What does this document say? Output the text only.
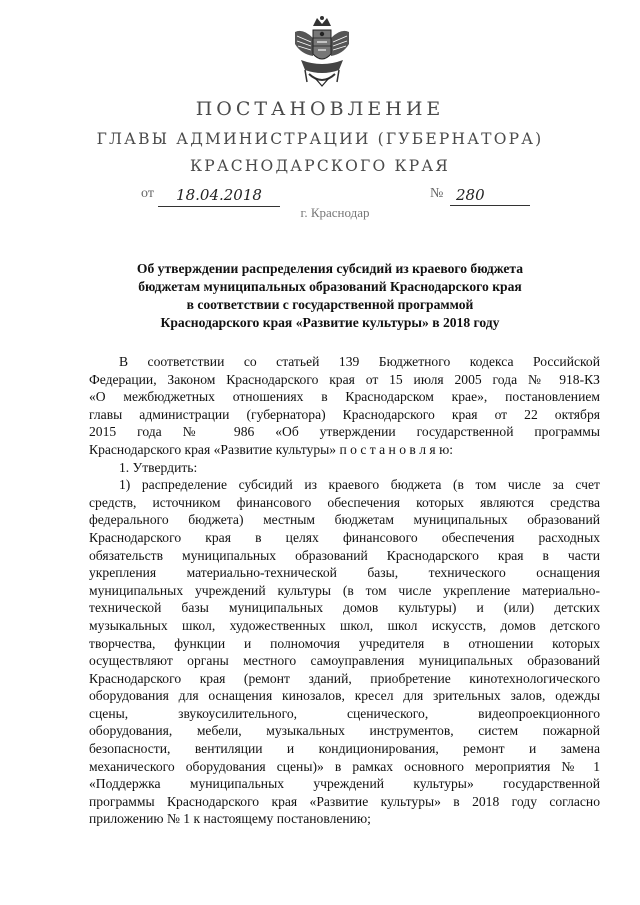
ПОСТАНОВЛЕНИЕ
ГЛАВЫ АДМИНИСТРАЦИИ (ГУБЕРНАТОРА)
КРАСНОДАРСКОГО КРАЯ
от	18.04.2018	№ 280
г. Краснодар
Об утверждении распределения субсидий из краевого бюджета
бюджетам муниципальных образований Краснодарского края
в соответствии с государственной программой
Краснодарского края «Развитие культуры» в 2018 году
В соответствии со статьей 139 Бюджетного кодекса Российской
Федерации, Законом Краснодарского края от 15 июля 2005 года № 918-КЗ
«О межбюджетных отношениях в Краснодарском крае», постановлением
главы администрации (губернатора) Краснодарского края от 22 октября
2015 года № 986 «Об утверждении государственной программы
Краснодарского края «Развитие культуры» п о с т а н о в л я ю:
1. Утвердить:
1) распределение субсидий из краевого бюджета (в том числе за счет
средств, источником финансового обеспечения которых являются средства
федерального бюджета) местным бюджетам муниципальных образований
Краснодарского края в целях финансового обеспечения расходных
обязательств муниципальных образований Краснодарского края в части
укрепления материально-технической базы, технического оснащения
муниципальных учреждений культуры (в том числе укрепление материально-
технической базы муниципальных домов культуры) и (или) детских
музыкальных школ, художественных школ, школ искусств, домов детского
творчества, функции и полномочия учредителя в отношении которых
осуществляют органы местного самоуправления муниципальных образований
Краснодарского края (ремонт зданий, приобретение кинотехнологического
оборудования для оснащения кинозалов, кресел для зрительных залов, одежды
сцены, звукоусилительного, сценического, видеопроекционного
оборудования, мебели, музыкальных инструментов, систем пожарной
безопасности, вентиляции и кондиционирования, ремонт и замена
механического оборудования сцены)» в рамках основного мероприятия № 1
«Поддержка муниципальных учреждений культуры» государственной
программы Краснодарского края «Развитие культуры» в 2018 году согласно
приложению № 1 к настоящему постановлению;
